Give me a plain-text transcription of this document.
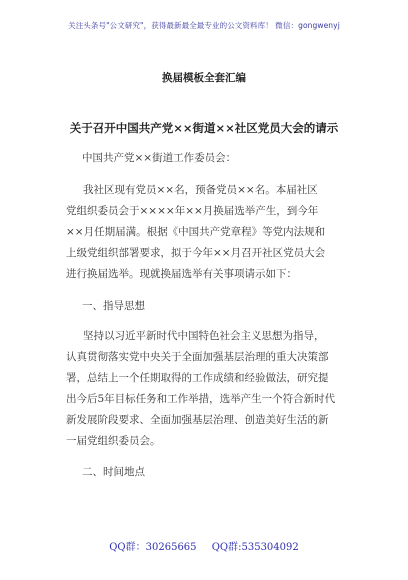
关注头条号"公文研究"，获得最新最全最专业的公文资料库！ 微信：gongwenyj
换届模板全套汇编
关于召开中国共产党××街道××社区党员大会的请示
中国共产党××街道工作委员会：
我社区现有党员××名，预备党员××名。本届社区
党组织委员会于××××年××月换届选举产生，到今年
××月任期届满。根据《中国共产党章程》等党内法规和
上级党组织部署要求，拟于今年××月召开社区党员大会
进行换届选举。现就换届选举有关事项请示如下：
一、指导思想
坚持以习近平新时代中国特色社会主义思想为指导，
认真贯彻落实党中央关于全面加强基层治理的重大决策部
署，总结上一个任期取得的工作成绩和经验做法，研究提
出今后5年目标任务和工作举措，选举产生一个符合新时代
新发展阶段要求、全面加强基层治理、创造美好生活的新
一届党组织委员会。
二、时间地点
QQ群：30265665 QQ群:535304092
